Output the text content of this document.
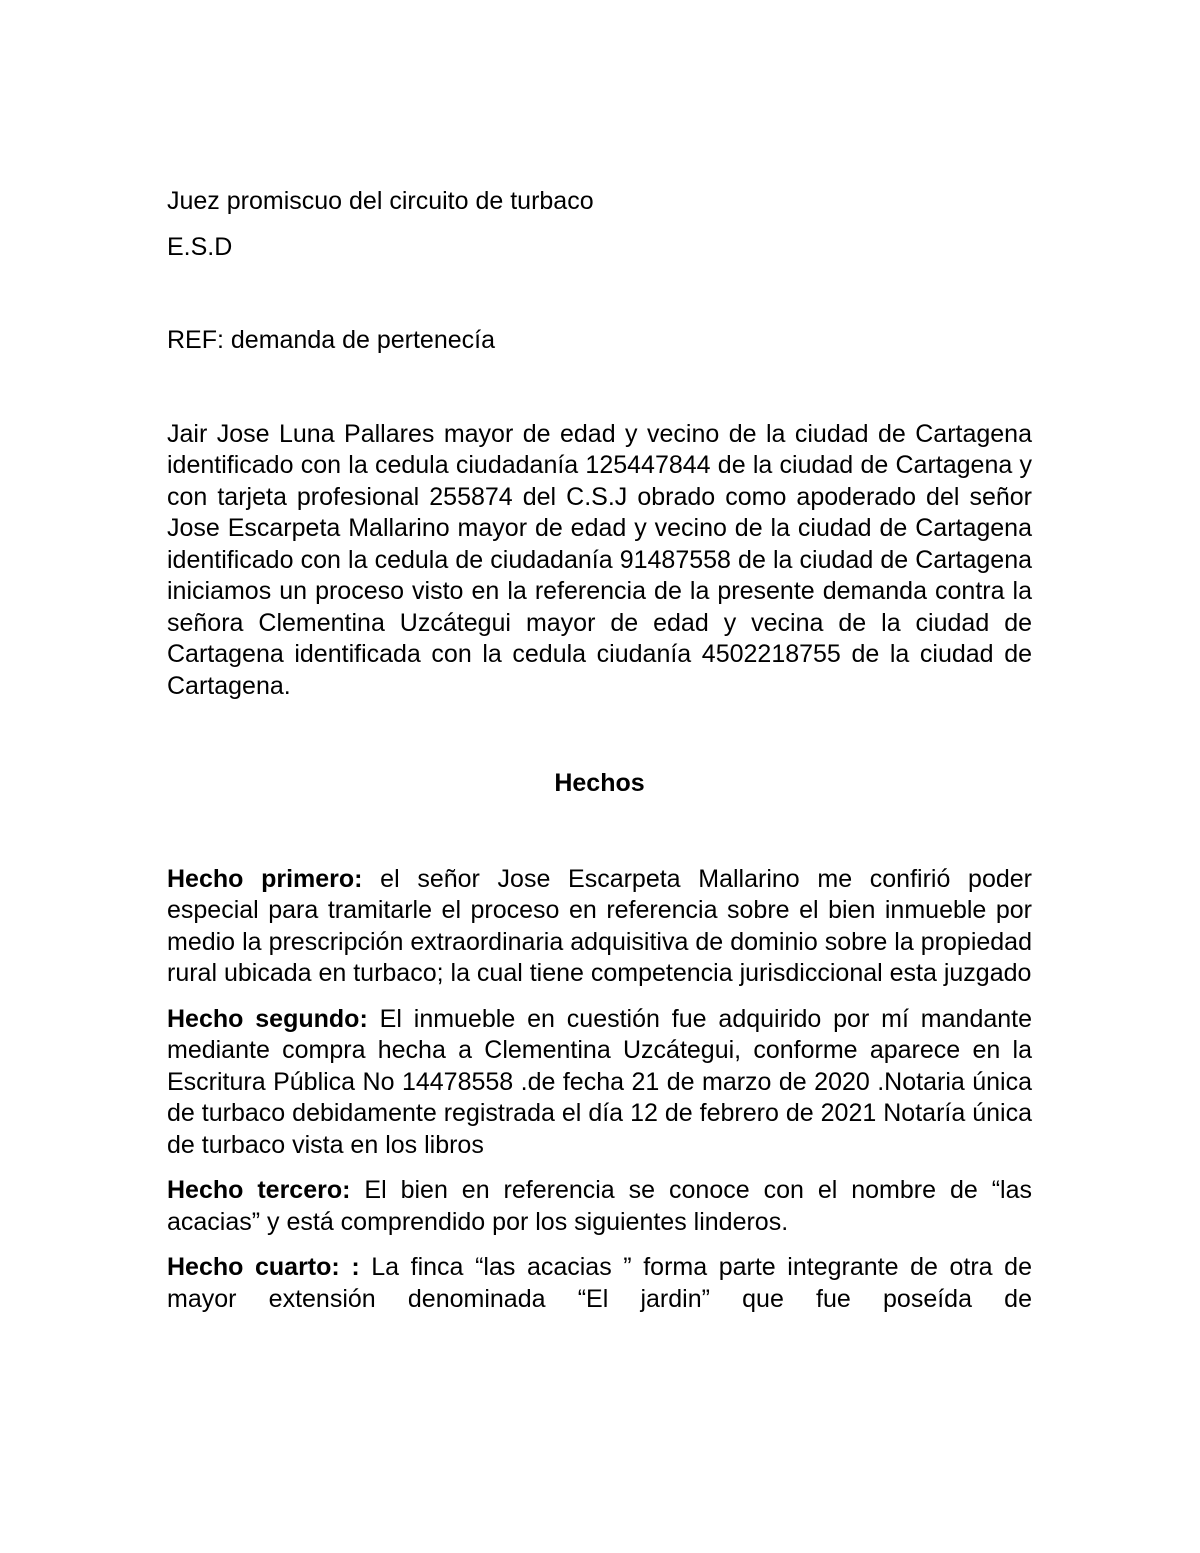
Juez promiscuo del circuito de turbaco

E.S.D

REF: demanda de pertenecía

Jair Jose Luna Pallares mayor de edad y vecino de la ciudad de Cartagena identificado con la cedula ciudadanía 125447844 de la ciudad de Cartagena y con tarjeta profesional 255874 del C.S.J obrado como apoderado del señor Jose Escarpeta Mallarino mayor de edad y vecino de la ciudad de Cartagena identificado con la cedula de ciudadanía 91487558 de la ciudad de Cartagena iniciamos un proceso visto en la referencia de la presente demanda contra la señora Clementina Uzcátegui mayor de edad y vecina de la ciudad de Cartagena identificada con la cedula ciudanía 4502218755 de la ciudad de Cartagena.

Hechos

Hecho primero: el señor Jose Escarpeta Mallarino me confirió poder especial para tramitarle el proceso en referencia sobre el bien inmueble por medio la prescripción extraordinaria adquisitiva de dominio sobre la propiedad rural ubicada en turbaco; la cual tiene competencia jurisdiccional esta juzgado

Hecho segundo: El inmueble en cuestión fue adquirido por mí mandante mediante compra hecha a Clementina Uzcátegui, conforme aparece en la Escritura Pública No 14478558 .de fecha 21 de marzo de 2020 .Notaria única de turbaco debidamente registrada el día 12 de febrero de 2021 Notaría única de turbaco vista en los libros

Hecho tercero: El bien en referencia se conoce con el nombre de “las acacias” y está comprendido por los siguientes linderos.

Hecho cuarto: : La finca “las acacias ” forma parte integrante de otra de mayor extensión denominada “El jardin” que fue poseída de
